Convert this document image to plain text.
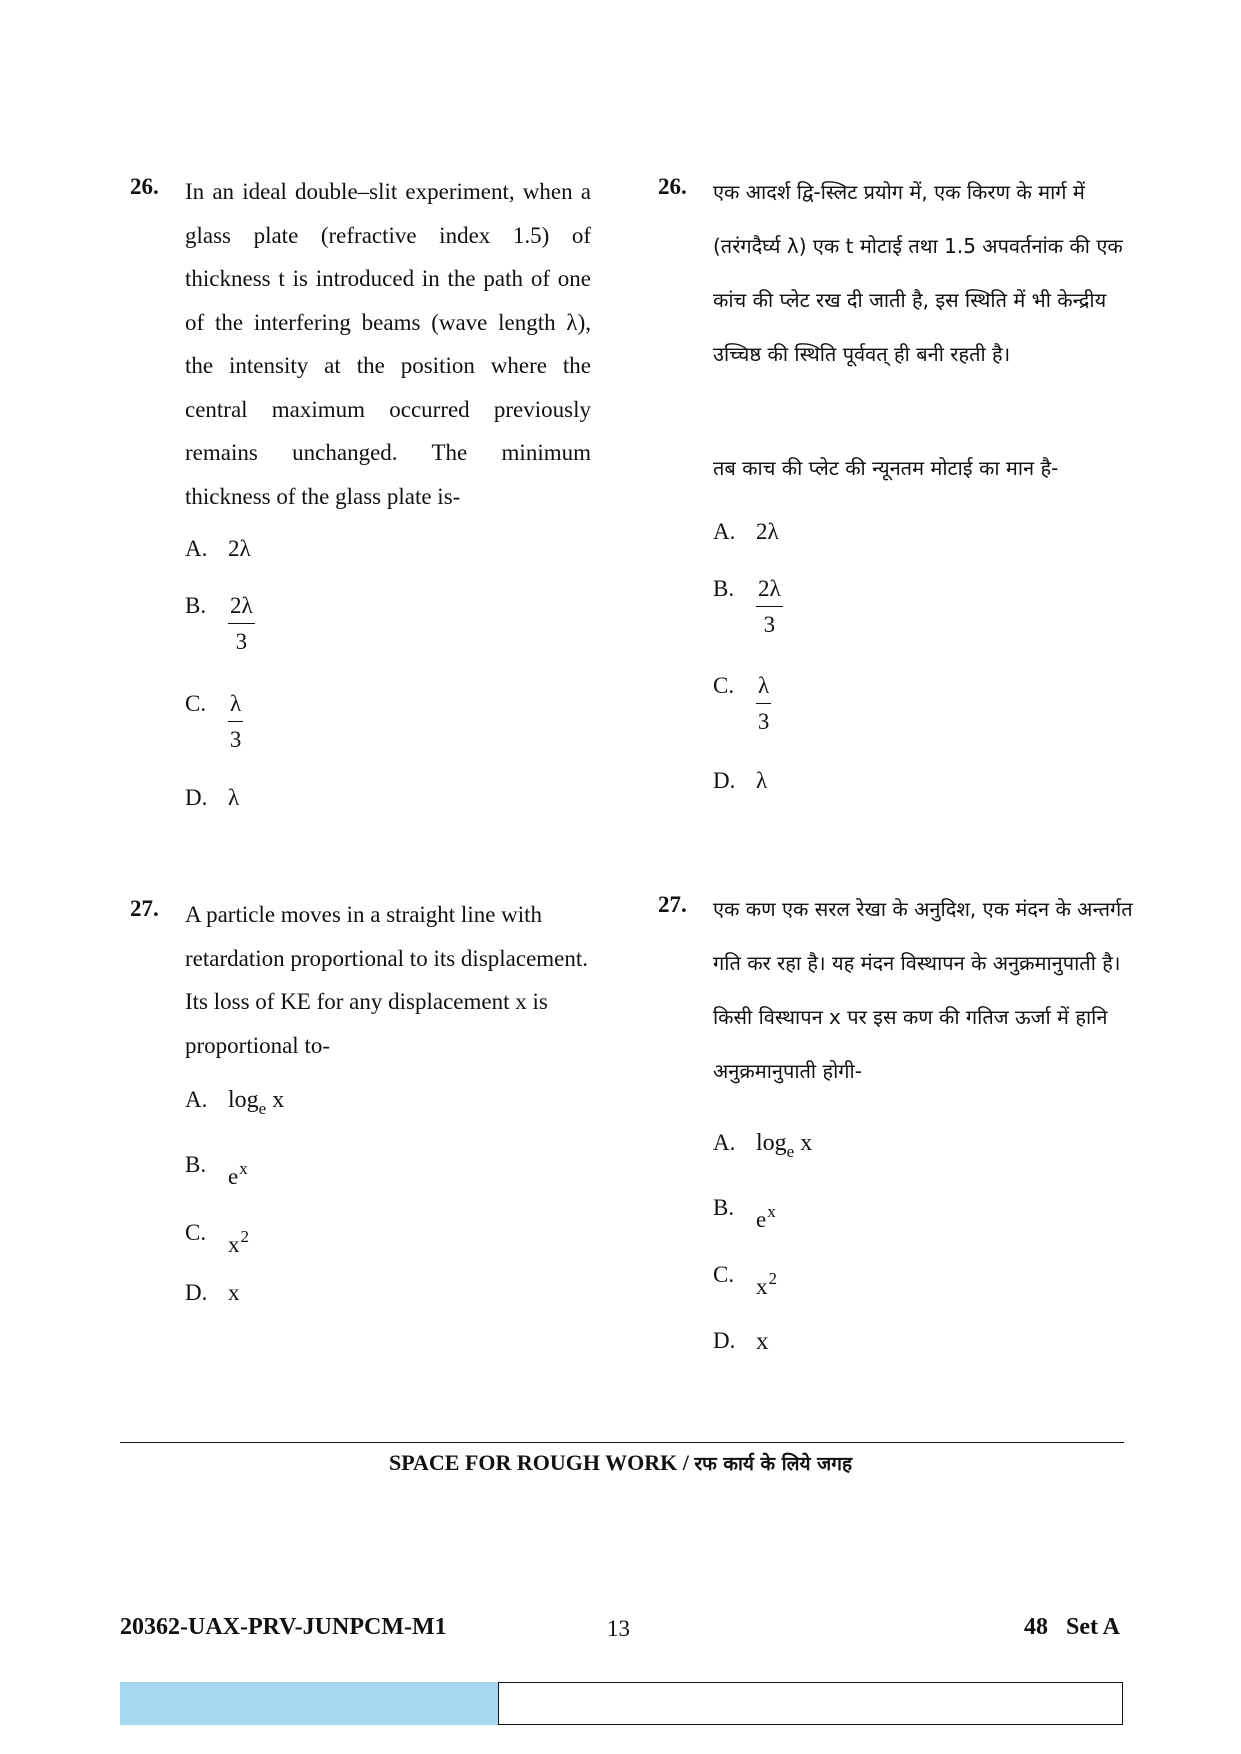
26. In an ideal double–slit experiment, when a glass plate (refractive index 1.5) of thickness t is introduced in the path of one of the interfering beams (wave length λ), the intensity at the position where the central maximum occurred previously remains unchanged. The minimum thickness of the glass plate is-
A. 2λ
B. $\frac{2\lambda}{3}$
C. $\frac{\lambda}{3}$
D. λ
26. एक आदर्श द्वि-स्लिट प्रयोग में, एक किरण के मार्ग में (तरंगदैर्घ्य λ) एक t मोटाई तथा 1.5 अपवर्तनांक की एक कांच की प्लेट रख दी जाती है, इस स्थिति में भी केन्द्रीय उच्चिष्ठ की स्थिति पूर्ववत् ही बनी रहती है।
तब काच की प्लेट की न्यूनतम मोटाई का मान है-
A. 2λ
B. $\frac{2\lambda}{3}$
C. $\frac{\lambda}{3}$
D. λ
27. A particle moves in a straight line with retardation proportional to its displacement. Its loss of KE for any displacement x is proportional to-
A. $\log_e x$
B. $e^x$
C. $x^2$
D. x
27. एक कण एक सरल रेखा के अनुदिश, एक मंदन के अन्तर्गत गति कर रहा है। यह मंदन विस्थापन के अनुक्रमानुपाती है। किसी विस्थापन x पर इस कण की गतिज ऊर्जा में हानि अनुक्रमानुपाती होगी-
A. $\log_e x$
B. $e^x$
C. $x^2$
D. x
SPACE FOR ROUGH WORK / रफ कार्य के लिये जगह
20362-UAX-PRV-JUNPCM-M1	13	48   Set A
